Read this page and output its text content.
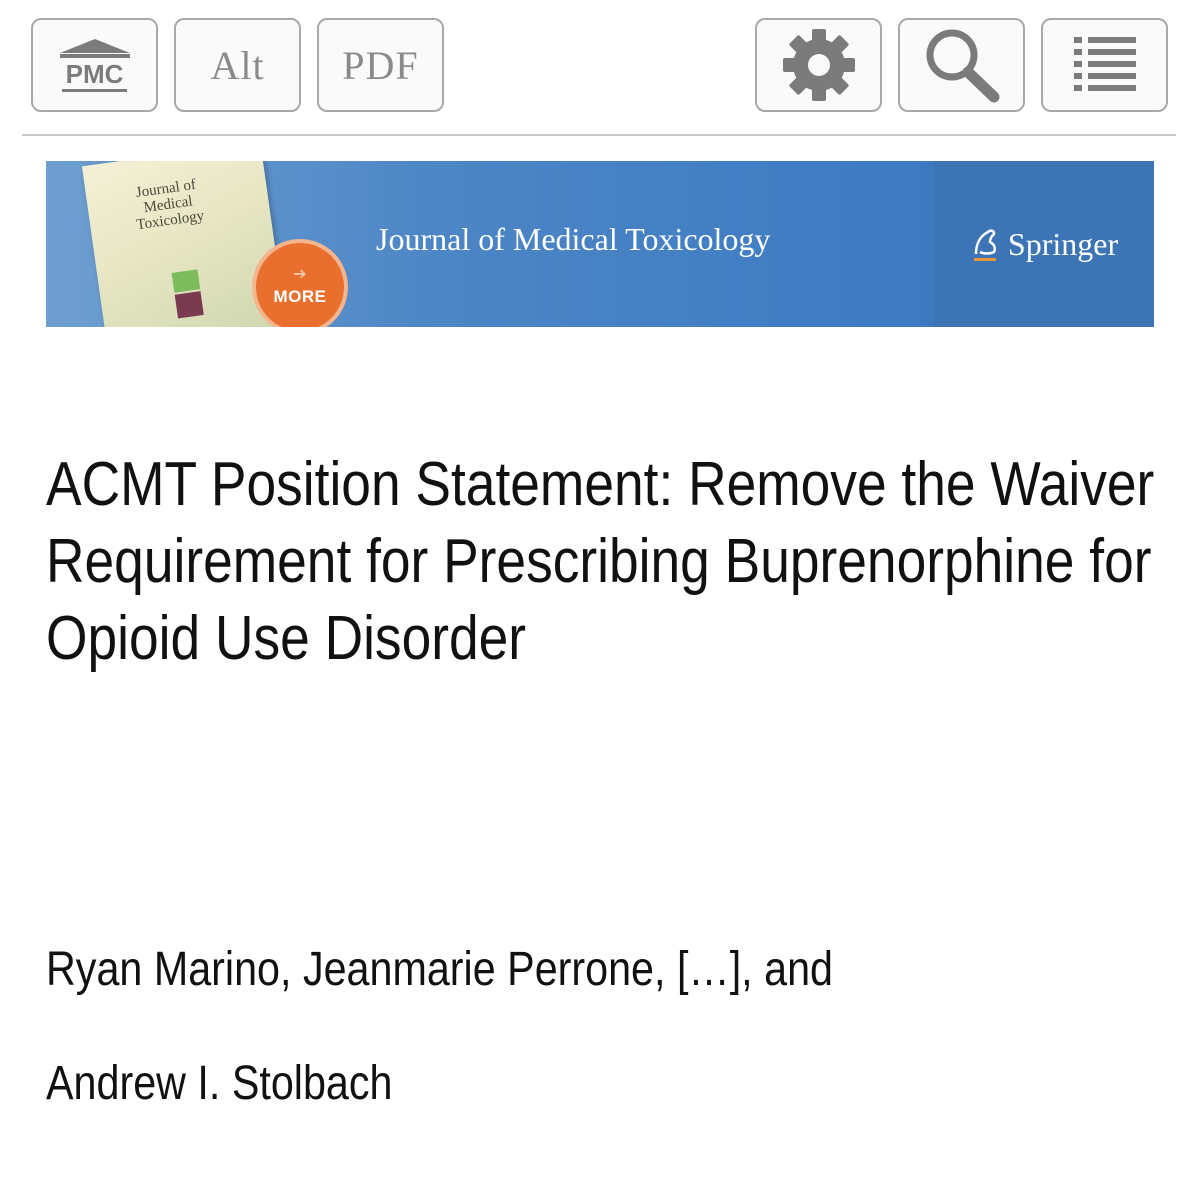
PMC Alt PDF
Journal of Medical Toxicology
➔
MORE
Journal of Medical Toxicology	Springer
ACMT Position Statement: Remove the Waiver Requirement for Prescribing Buprenorphine for Opioid Use Disorder
Ryan Marino, Jeanmarie Perrone, […], and
Andrew I. Stolbach
